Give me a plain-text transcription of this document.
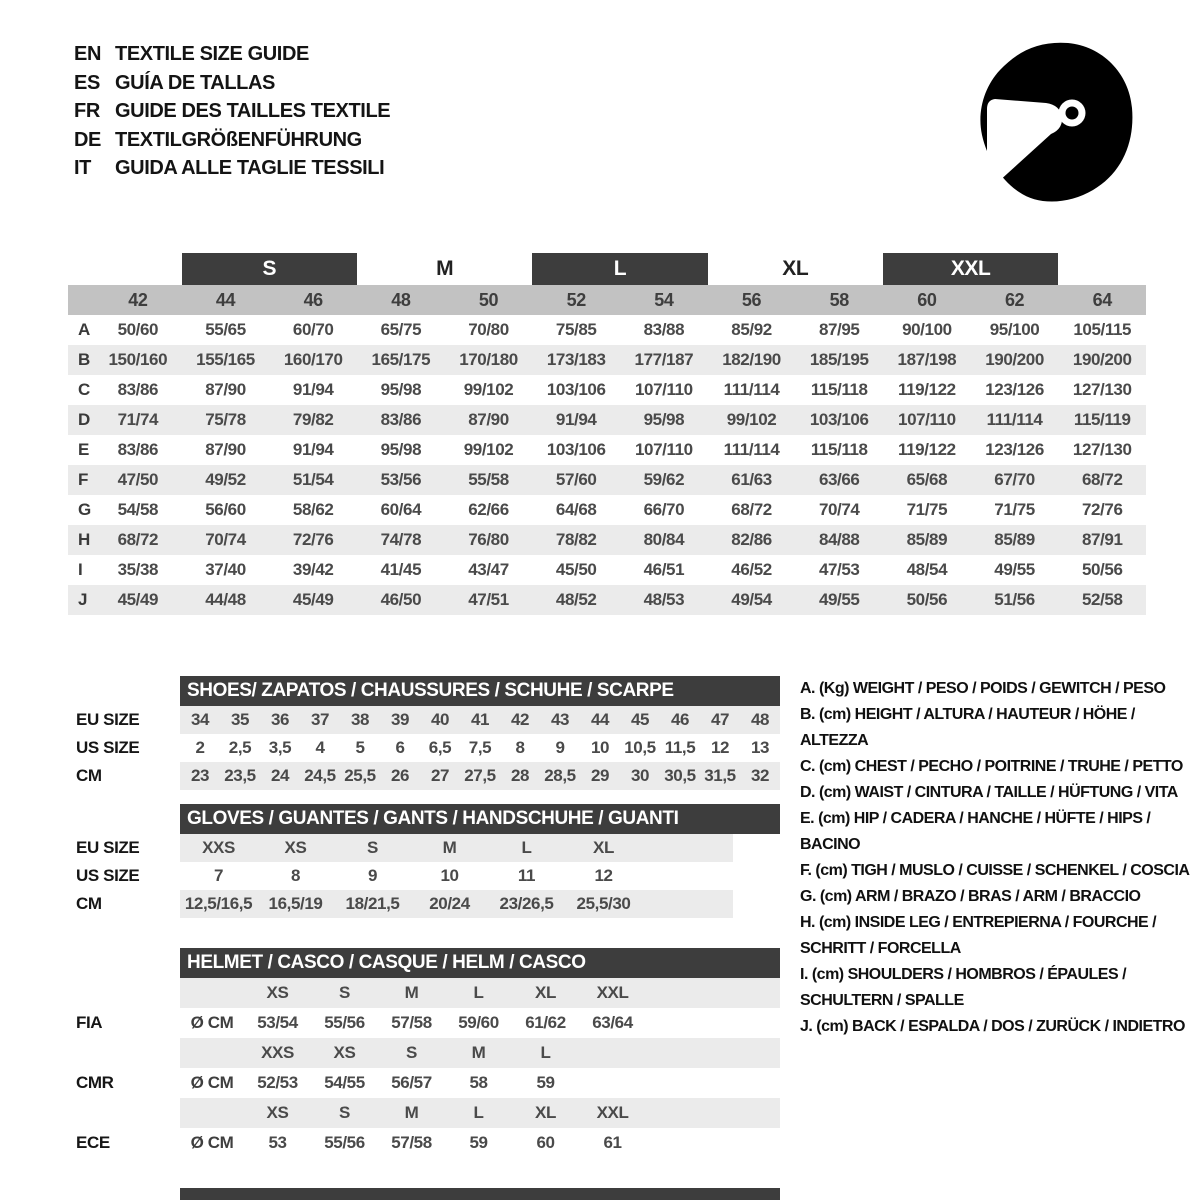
EN TEXTILE SIZE GUIDE
ES GUÍA DE TALLAS
FR GUIDE DES TAILLES TEXTILE
DE TEXTILGRÖßENFÜHRUNG
IT	GUIDA ALLE TAGLIE TESSILI
S	M	L	XL	XXL
42	44	46	48	50	52	54	56	58	60	62	64
A	50/60	55/65	60/70	65/75	70/80	75/85	83/88	85/92	87/95	90/100	95/100	105/115
B	150/160	155/165	160/170	165/175	170/180	173/183	177/187	182/190	185/195	187/198	190/200	190/200
C	83/86	87/90	91/94	95/98	99/102	103/106	107/110	111/114	115/118	119/122	123/126	127/130
D	71/74	75/78	79/82	83/86	87/90	91/94	95/98	99/102	103/106	107/110	111/114	115/119
E	83/86	87/90	91/94	95/98	99/102	103/106	107/110	111/114	115/118	119/122	123/126	127/130
F	47/50	49/52	51/54	53/56	55/58	57/60	59/62	61/63	63/66	65/68	67/70	68/72
G	54/58	56/60	58/62	60/64	62/66	64/68	66/70	68/72	70/74	71/75	71/75	72/76
H	68/72	70/74	72/76	74/78	76/80	78/82	80/84	82/86	84/88	85/89	85/89	87/91
I	35/38	37/40	39/42	41/45	43/47	45/50	46/51	46/52	47/53	48/54	49/55	50/56
J	45/49	44/48	45/49	46/50	47/51	48/52	48/53	49/54	49/55	50/56	51/56	52/58
SHOES/ ZAPATOS / CHAUSSURES / SCHUHE / SCARPE
EU SIZE	34	35	36	37	38	39	40	41	42	43	44	45	46	47	48
US SIZE	2	2,5	3,5	4	5	6	6,5	7,5	8	9	10 10,5 11,5 12	13
CM	23 23,5 24 24,5 25,5 26	27 27,5 28 28,5 29	30 30,5 31,5 32
GLOVES / GUANTES / GANTS / HANDSCHUHE / GUANTI
EU SIZE	XXS	XS	S	M	L	XL
US SIZE	7	8	9	10	11	12
CM	12,5/16,5 16,5/19	18/21,5	20/24	23/26,5	25,5/30
HELMET / CASCO / CASQUE / HELM / CASCO
XS	S	M	L	XL	XXL
FIA	Ø CM	53/54	55/56	57/58	59/60	61/62	63/64
XXS	XS	S	M	L
CMR	Ø CM	52/53	54/55	56/57	58	59
XS	S	M	L	XL	XXL
ECE	Ø CM	53	55/56	57/58	59	60	61
A. (Kg) WEIGHT / PESO / POIDS / GEWITCH / PESO
B. (cm) HEIGHT / ALTURA / HAUTEUR / HÖHE / ALTEZZA
C. (cm) CHEST / PECHO / POITRINE / TRUHE / PETTO
D. (cm) WAIST / CINTURA / TAILLE / HÜFTUNG / VITA
E. (cm) HIP / CADERA / HANCHE / HÜFTE / HIPS / BACINO
F. (cm) TIGH / MUSLO / CUISSE / SCHENKEL / COSCIA
G. (cm) ARM / BRAZO / BRAS / ARM / BRACCIO
H. (cm) INSIDE LEG / ENTREPIERNA / FOURCHE / SCHRITT / FORCELLA
I. (cm) SHOULDERS / HOMBROS / ÉPAULES / SCHULTERN / SPALLE
J. (cm) BACK / ESPALDA / DOS / ZURÜCK / INDIETRO
